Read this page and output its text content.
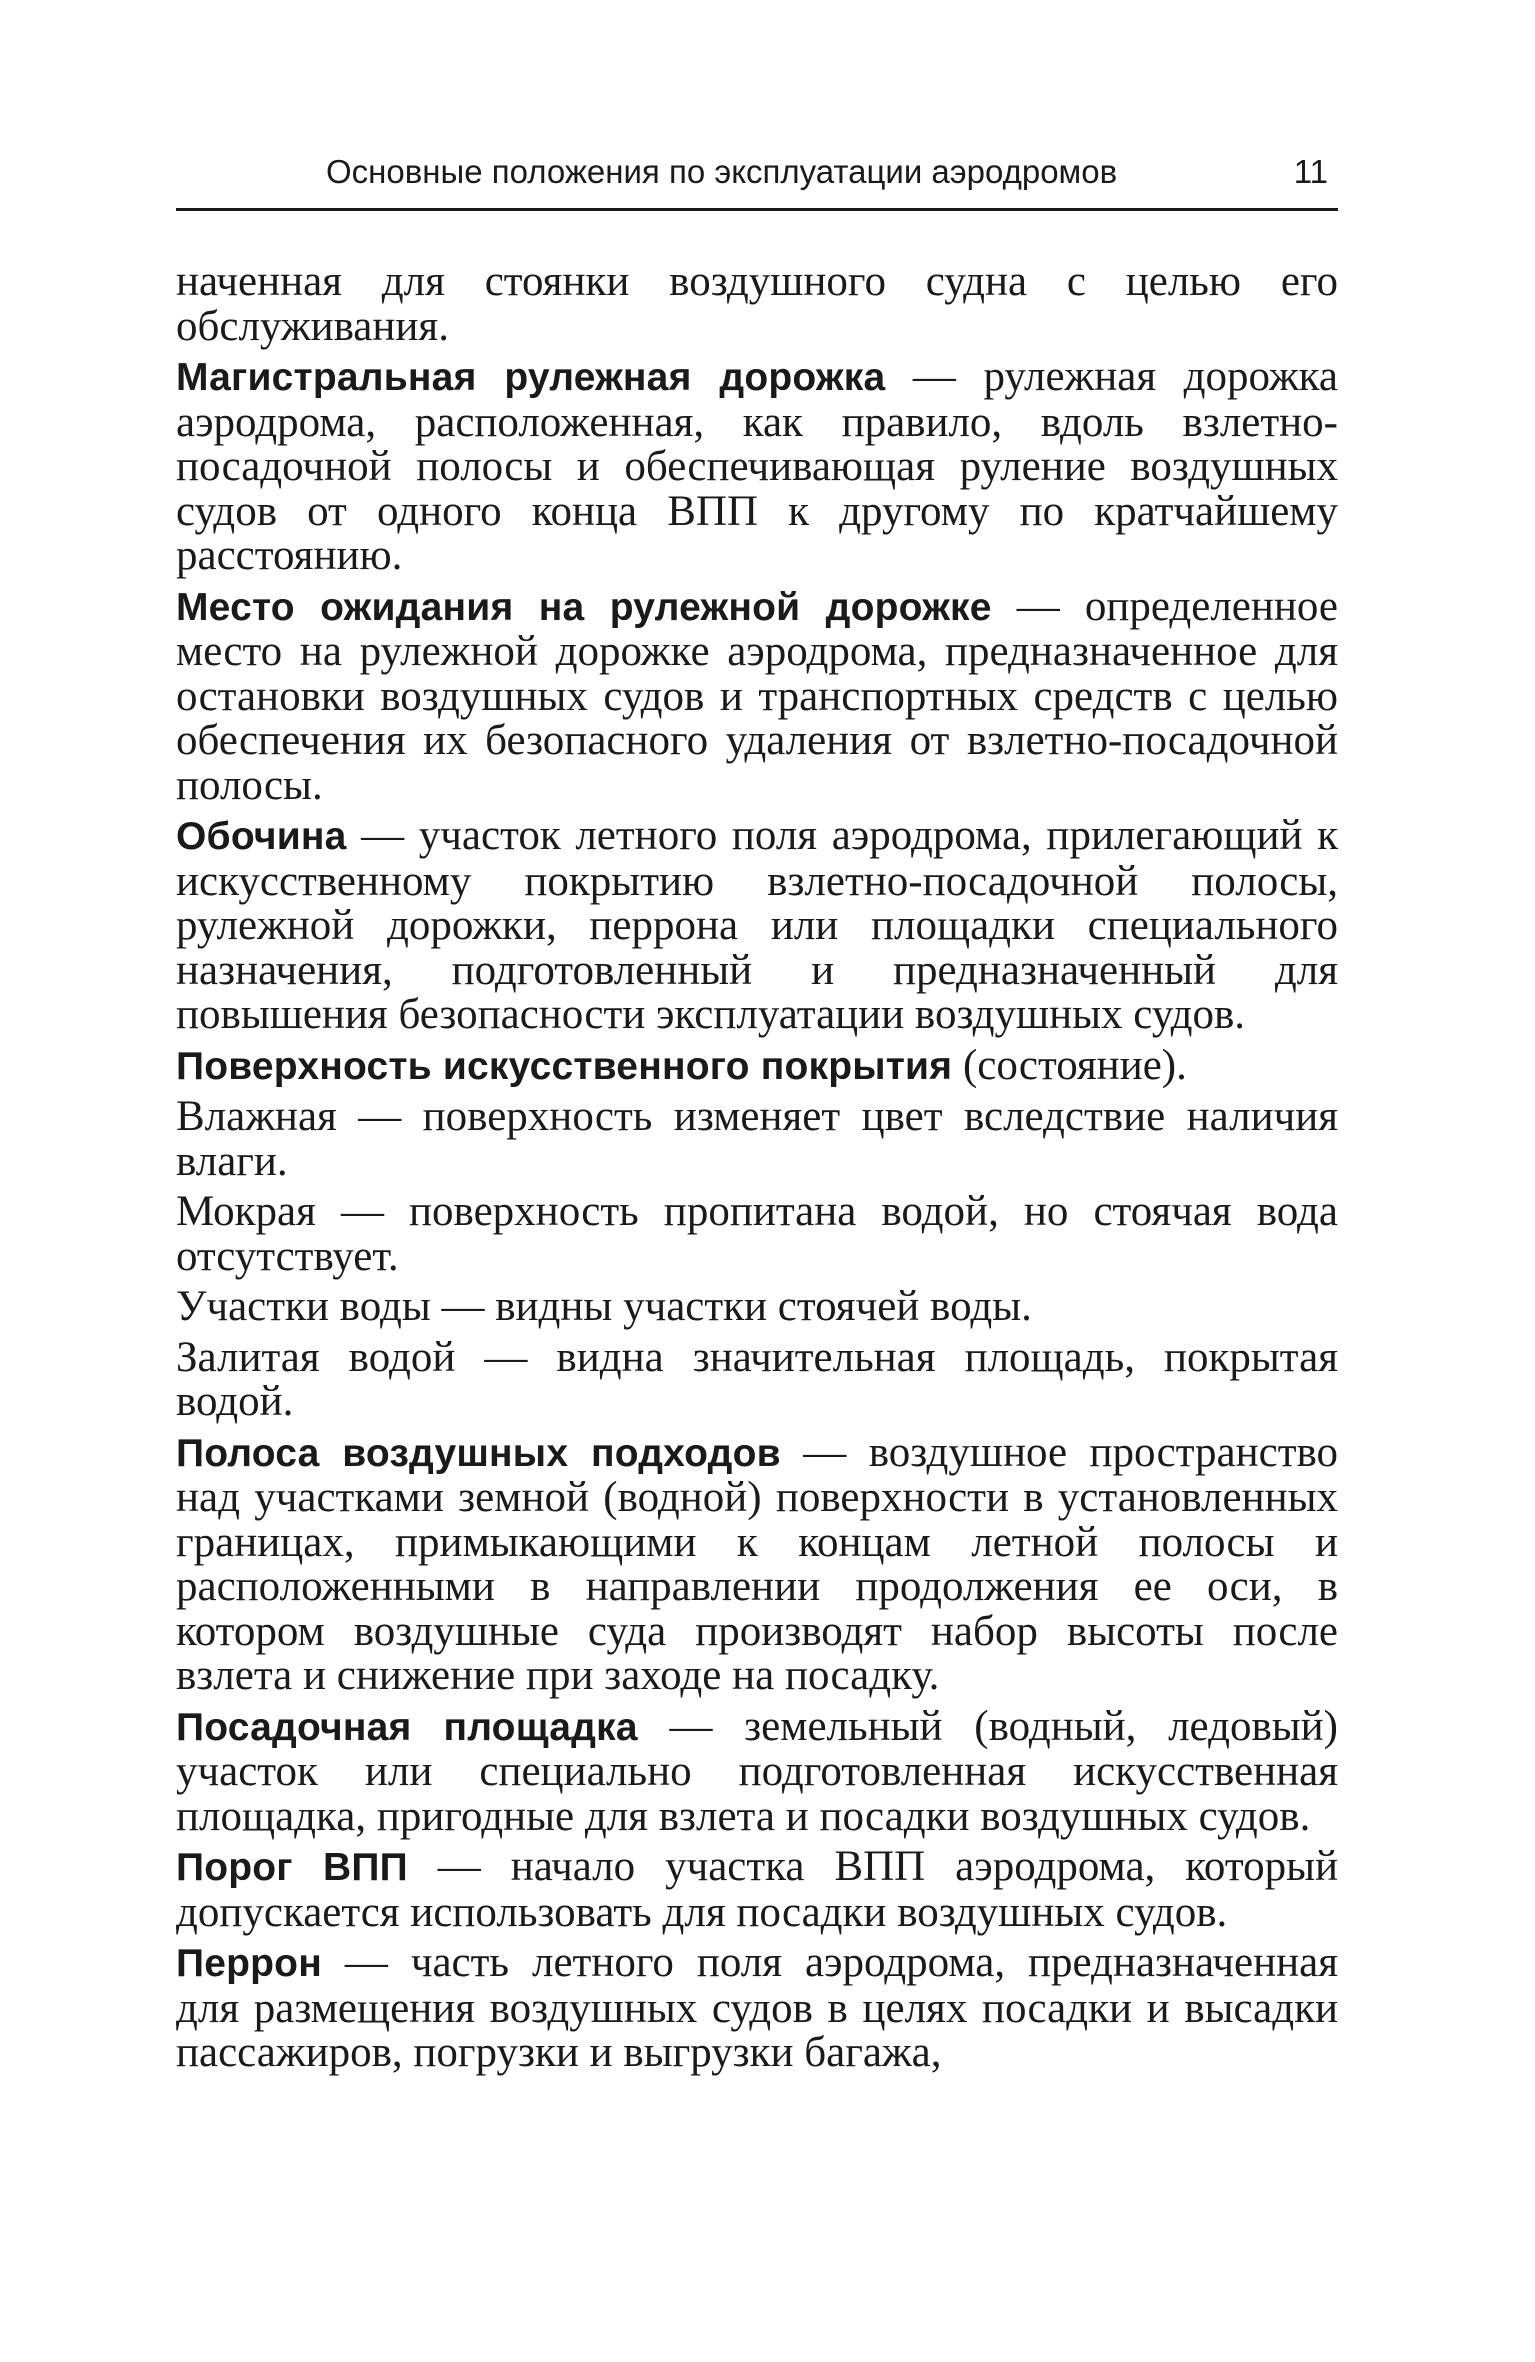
Основные положения по эксплуатации аэродромов	11

наченная для стоянки воздушного судна с целью его обслуживания.

Магистральная рулежная дорожка — рулежная дорожка аэродрома, расположенная, как правило, вдоль взлетно-посадочной полосы и обеспечивающая руление воздушных судов от одного конца ВПП к другому по кратчайшему расстоянию.

Место ожидания на рулежной дорожке — определенное место на рулежной дорожке аэродрома, предназначенное для остановки воздушных судов и транспортных средств с целью обеспечения их безопасного удаления от взлетно-посадочной полосы.

Обочина — участок летного поля аэродрома, прилегающий к искусственному покрытию взлетно-посадочной полосы, рулежной дорожки, перрона или площадки специального назначения, подготовленный и предназначенный для повышения безопасности эксплуатации воздушных судов.

Поверхность искусственного покрытия (состояние).

Влажная — поверхность изменяет цвет вследствие наличия влаги.

Мокрая — поверхность пропитана водой, но стоячая вода отсутствует.

Участки воды — видны участки стоячей воды.

Залитая водой — видна значительная площадь, покрытая водой.

Полоса воздушных подходов — воздушное пространство над участками земной (водной) поверхности в установленных границах, примыкающими к концам летной полосы и расположенными в направлении продолжения ее оси, в котором воздушные суда производят набор высоты после взлета и снижение при заходе на посадку.

Посадочная площадка — земельный (водный, ледовый) участок или специально подготовленная искусственная площадка, пригодные для взлета и посадки воздушных судов.

Порог ВПП — начало участка ВПП аэродрома, который допускается использовать для посадки воздушных судов.

Перрон — часть летного поля аэродрома, предназначенная для размещения воздушных судов в целях посадки и высадки пассажиров, погрузки и выгрузки багажа,
